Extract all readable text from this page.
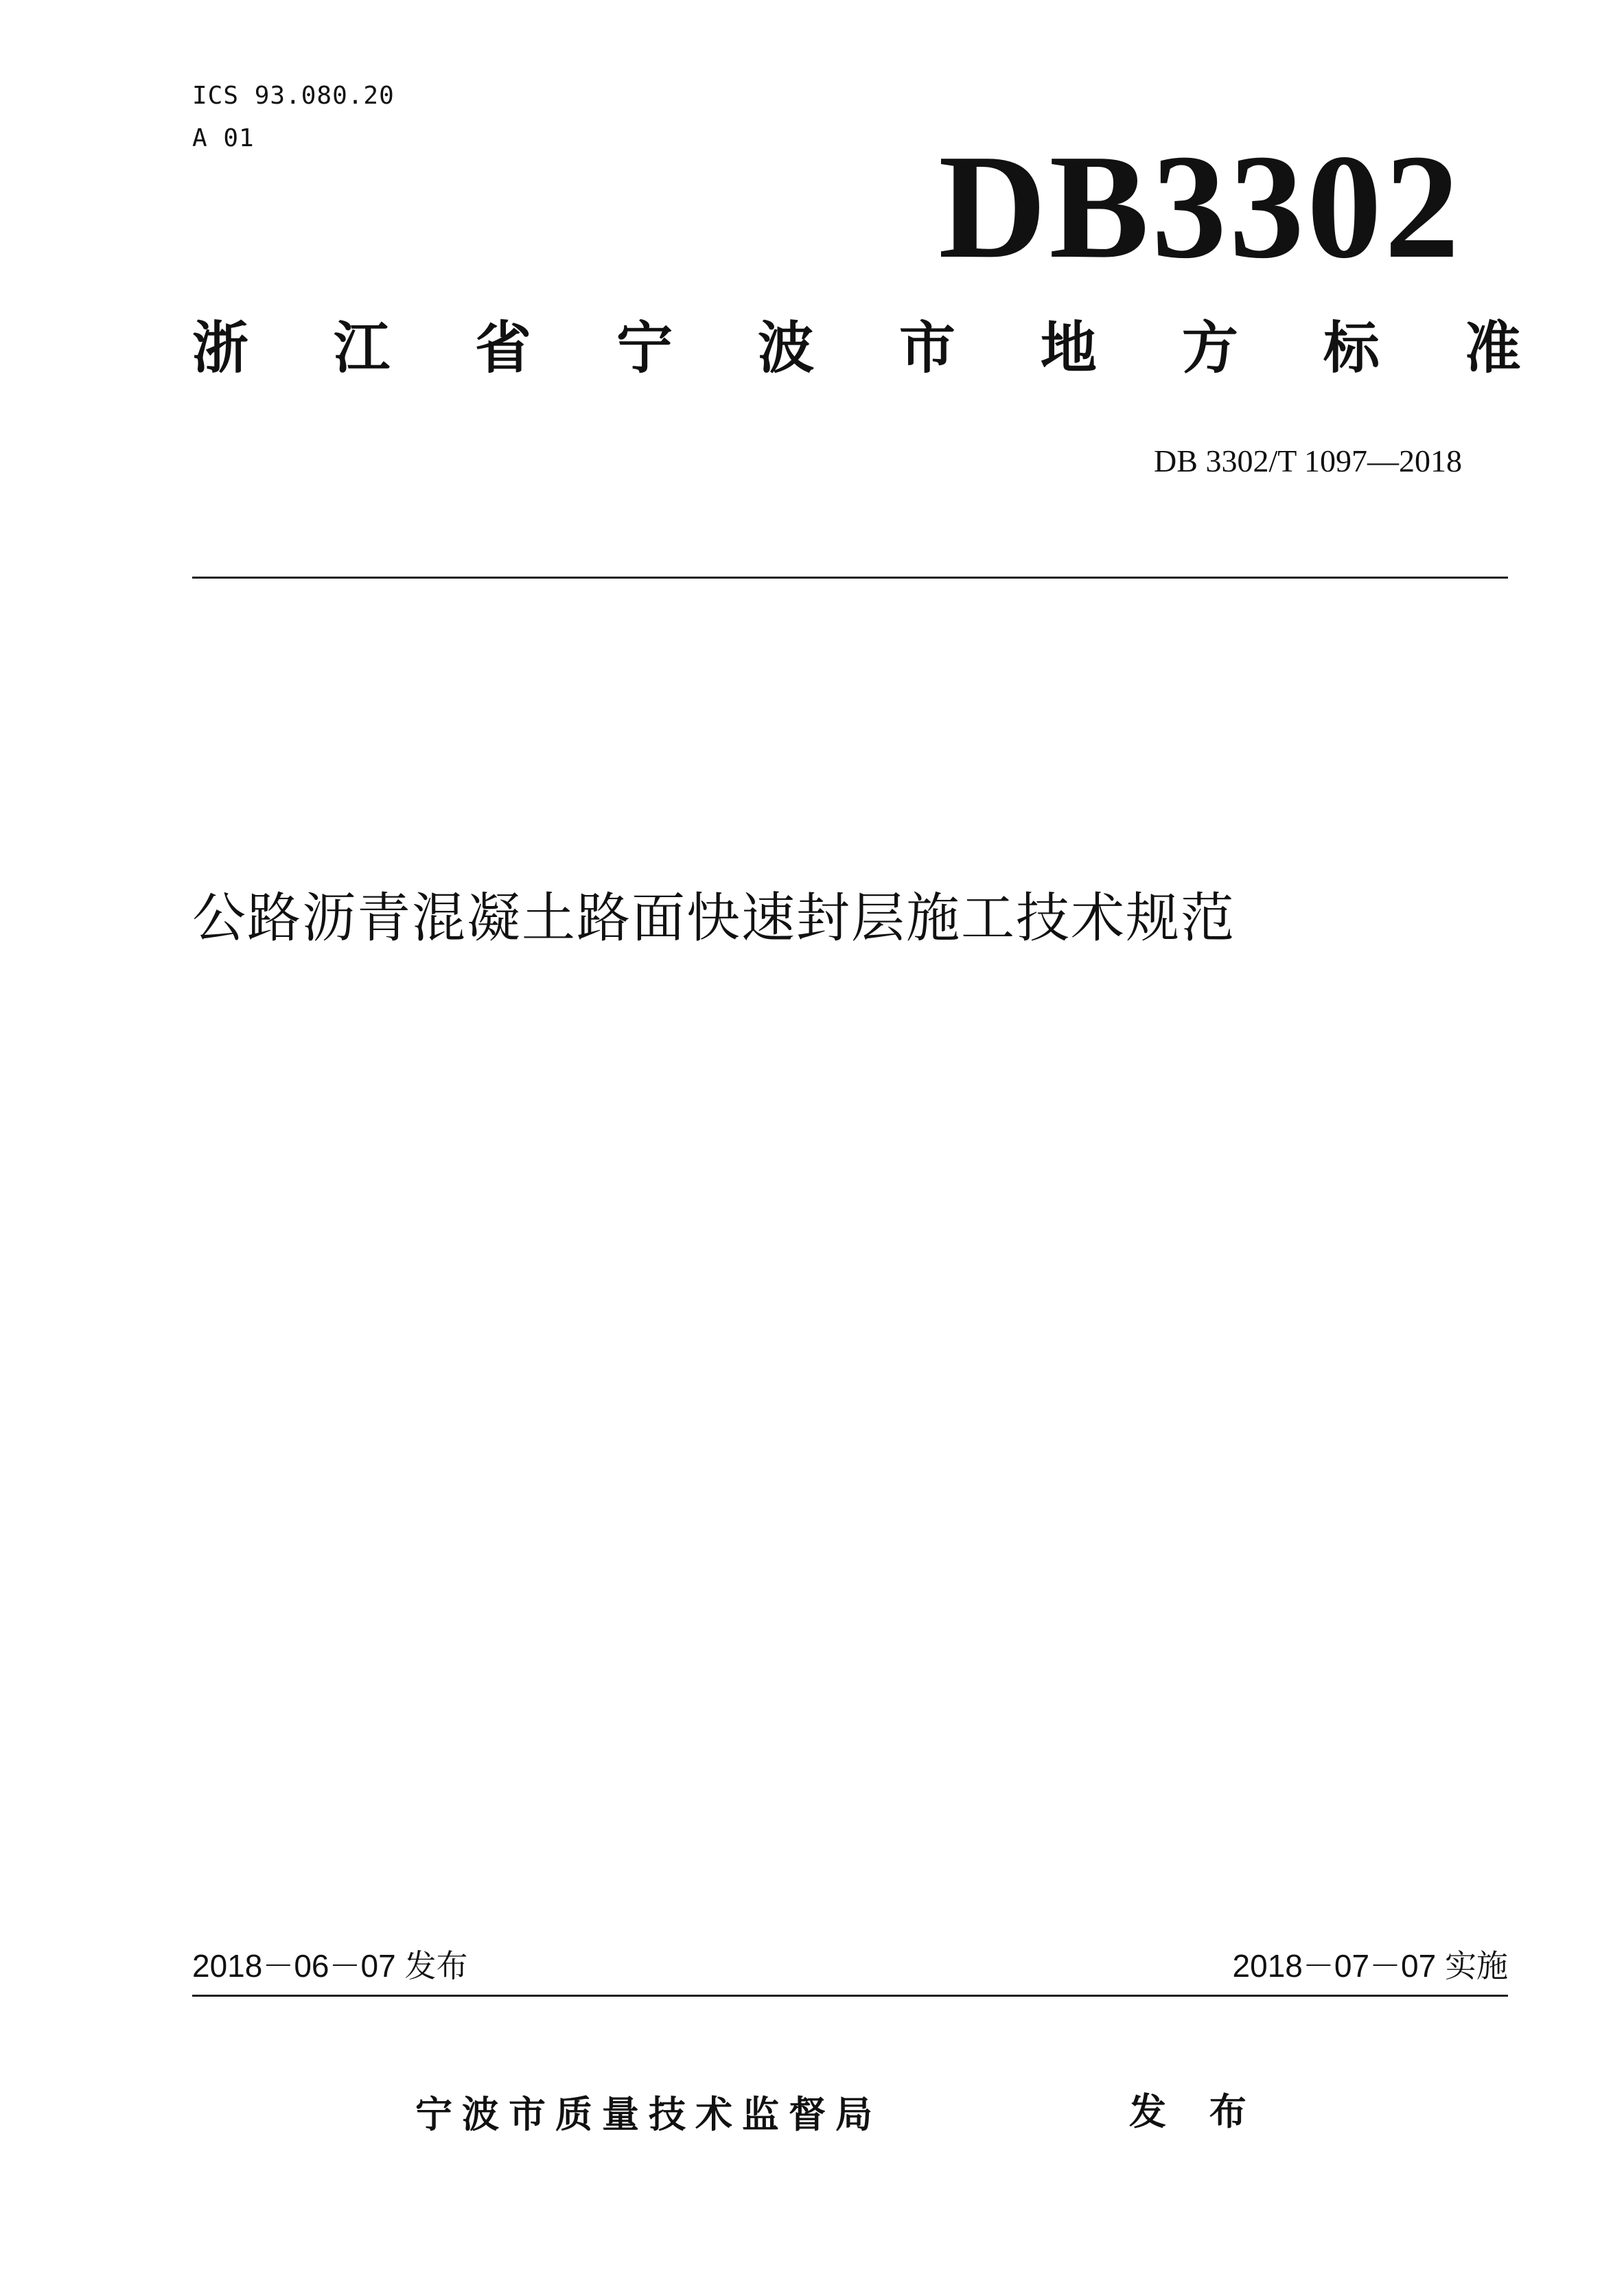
ICS 93.080.20
A 01	DB3302
浙 江 省 宁 波 市 地 方 标 准
DB 3302/T 1097—2018
公路沥青混凝土路面快速封层施工技术规范
2018－06－07 发布	2018－07－07 实施
宁波市质量技术监督局	发 布
